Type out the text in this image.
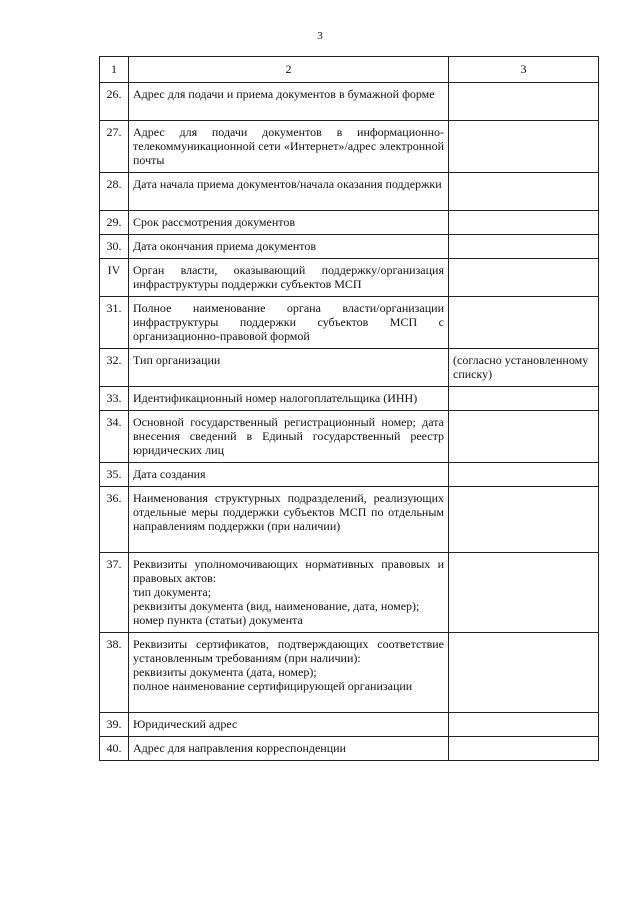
3
1	2	3
26.	Адрес для подачи и приема документов в бумажной форме	
27.	Адрес для подачи документов в информационно-телекоммуникационной сети «Интернет»/адрес электронной почты	
28.	Дата начала приема документов/начала оказания поддержки	
29.	Срок рассмотрения документов	
30.	Дата окончания приема документов	
IV	Орган власти, оказывающий поддержку/организация инфраструктуры поддержки субъектов МСП	
31.	Полное наименование органа власти/организации инфраструктуры поддержки субъектов МСП с организационно-правовой формой	
32.	Тип организации	(согласно установленному списку)
33.	Идентификационный номер налогоплательщика (ИНН)	
34.	Основной государственный регистрационный номер; дата внесения сведений в Единый государственный реестр юридических лиц	
35.	Дата создания	
36.	Наименования структурных подразделений, реализующих отдельные меры поддержки субъектов МСП по отдельным направлениям поддержки (при наличии)	
37.	Реквизиты уполномочивающих нормативных правовых и правовых актов:
тип документа;
реквизиты документа (вид, наименование, дата, номер);
номер пункта (статьи) документа	
38.	Реквизиты сертификатов, подтверждающих соответствие установленным требованиям (при наличии):
реквизиты документа (дата, номер);
полное наименование сертифицирующей организации	
39.	Юридический адрес	
40.	Адрес для направления корреспонденции	
